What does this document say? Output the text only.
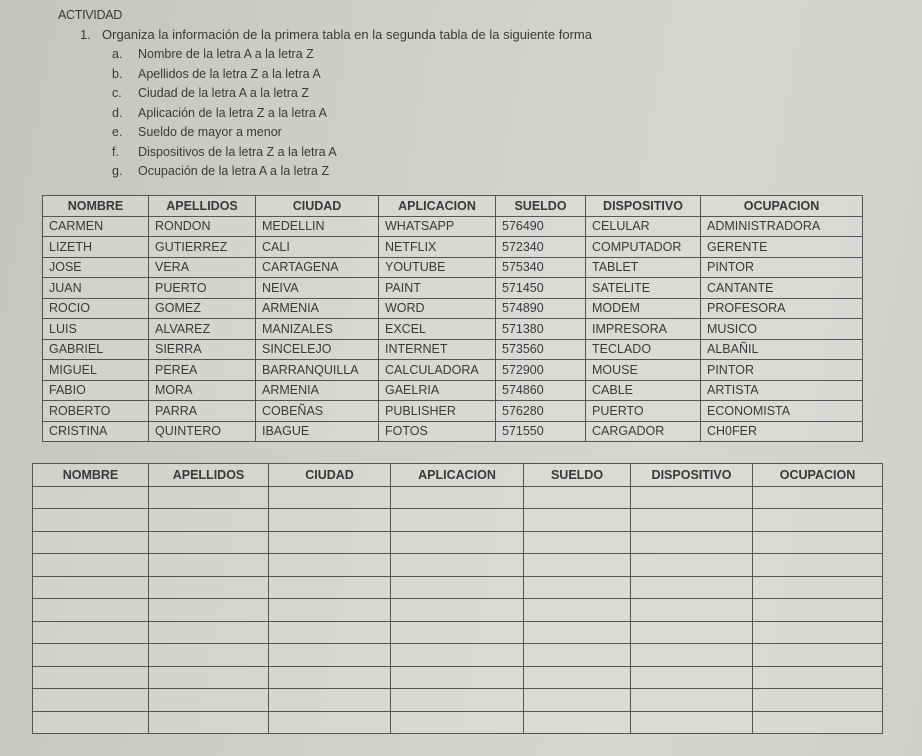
ACTIVIDAD
1. Organiza la información de la primera tabla en la segunda tabla de la siguiente forma
a. Nombre de la letra A a la letra Z
b. Apellidos de la letra Z a la letra A
c. Ciudad de la letra A a la letra Z
d. Aplicación de la letra Z a la letra A
e. Sueldo de mayor a menor
f. Dispositivos de la letra Z a la letra A
g. Ocupación de la letra A a la letra Z
NOMBRE	APELLIDOS	CIUDAD	APLICACION	SUELDO	DISPOSITIVO	OCUPACION
CARMEN	RONDON	MEDELLIN	WHATSAPP	576490	CELULAR	ADMINISTRADORA
LIZETH	GUTIERREZ	CALI	NETFLIX	572340	COMPUTADOR	GERENTE
JOSE	VERA	CARTAGENA	YOUTUBE	575340	TABLET	PINTOR
JUAN	PUERTO	NEIVA	PAINT	571450	SATELITE	CANTANTE
ROCIO	GOMEZ	ARMENIA	WORD	574890	MODEM	PROFESORA
LUIS	ALVAREZ	MANIZALES	EXCEL	571380	IMPRESORA	MUSICO
GABRIEL	SIERRA	SINCELEJO	INTERNET	573560	TECLADO	ALBAÑIL
MIGUEL	PEREA	BARRANQUILLA	CALCULADORA	572900	MOUSE	PINTOR
FABIO	MORA	ARMENIA	GAELRIA	574860	CABLE	ARTISTA
ROBERTO	PARRA	COBEÑAS	PUBLISHER	576280	PUERTO	ECONOMISTA
CRISTINA	QUINTERO	IBAGUE	FOTOS	571550	CARGADOR	CH0FER
NOMBRE	APELLIDOS	CIUDAD	APLICACION	SUELDO	DISPOSITIVO	OCUPACION
